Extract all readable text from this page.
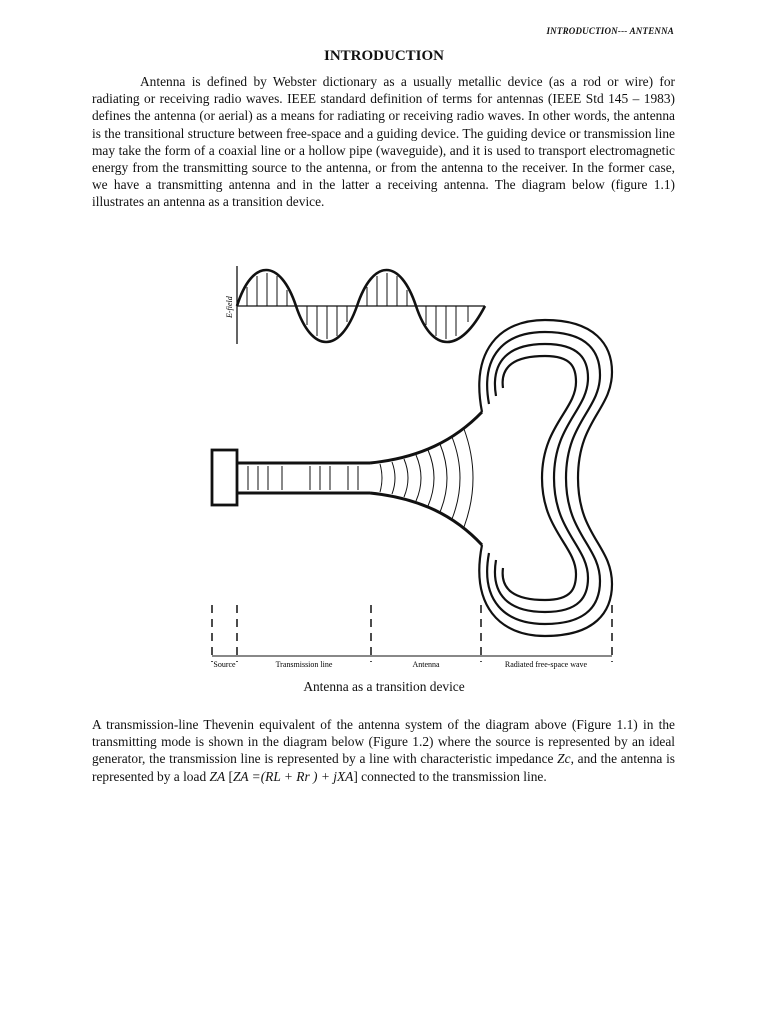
INTRODUCTION--- ANTENNA
INTRODUCTION

Antenna is defined by Webster dictionary as a usually metallic device (as a rod or wire) for radiating or receiving radio waves. IEEE standard definition of terms for antennas (IEEE Std 145 – 1983) defines the antenna (or aerial) as a means for radiating or receiving radio waves. In other words, the antenna is the transitional structure between free-space and a guiding device. The guiding device or transmission line may take the form of a coaxial line or a hollow pipe (waveguide), and it is used to transport electromagnetic energy from the transmitting source to the antenna, or from the antenna to the receiver. In the former case, we have a transmitting antenna and in the latter a receiving antenna. The diagram below (figure 1.1) illustrates an antenna as a transition device.

E-field
Source	Transmission line	Antenna	Radiated free-space wave
Antenna as a transition device

A transmission-line Thevenin equivalent of the antenna system of the diagram above (Figure 1.1) in the transmitting mode is shown in the diagram below (Figure 1.2) where the source is represented by an ideal generator, the transmission line is represented by a line with characteristic impedance Zc, and the antenna is represented by a load ZA [ZA =(RL + Rr ) + jXA] connected to the transmission line.
